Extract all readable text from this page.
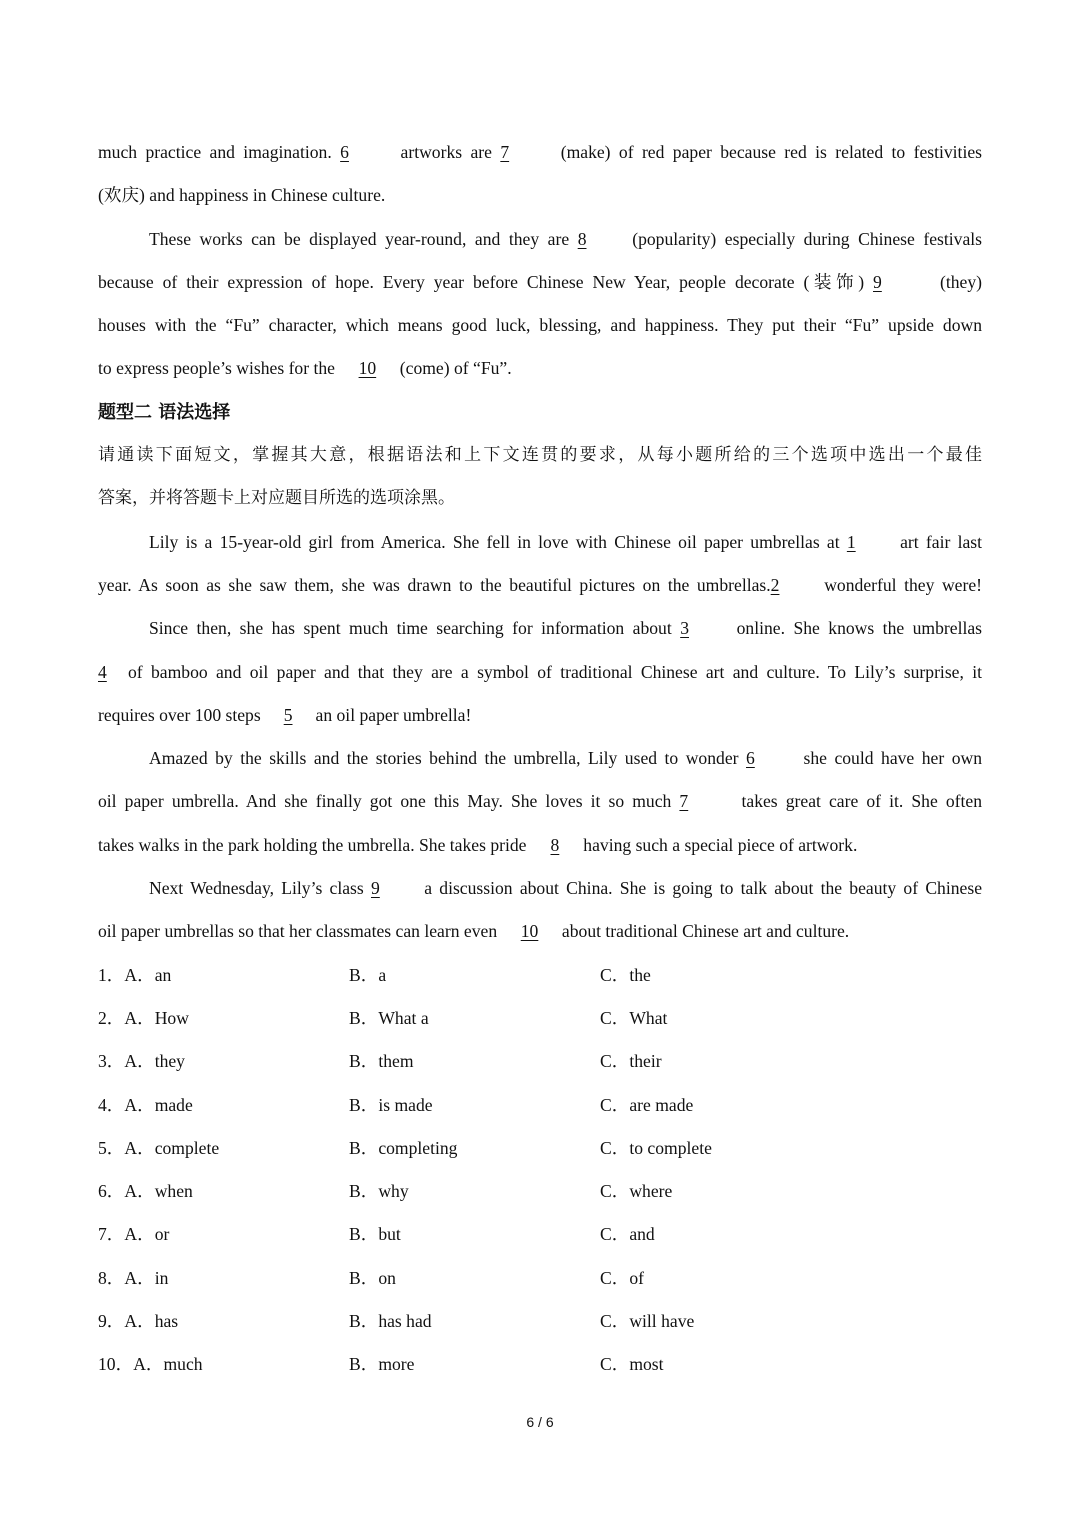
much practice and imagination. 6 artworks are 7 (make) of red paper because red is related to festivities
(欢庆) and happiness in Chinese culture.
These works can be displayed year-round, and they are 8 (popularity) especially during Chinese festivals
because of their expression of hope. Every year before Chinese New Year, people decorate (装饰) 9	(they)
houses with the “Fu” character, which means good luck, blessing, and happiness. They put their “Fu” upside down
to express people’s wishes for the 10 (come) of “Fu”.
题型二 语法选择
请通读下面短文，掌握其大意，根据语法和上下文连贯的要求，从每小题所给的三个选项中选出一个最佳
答案，并将答题卡上对应题目所选的选项涂黑。
Lily is a 15-year-old girl from America. She fell in love with Chinese oil paper umbrellas at 1 art fair last
year. As soon as she saw them, she was drawn to the beautiful pictures on the umbrellas.2 wonderful they were!
Since then, she has spent much time searching for information about 3 online. She knows the umbrellas
4 of bamboo and oil paper and that they are a symbol of traditional Chinese art and culture. To Lily’s surprise, it
requires over 100 steps 5 an oil paper umbrella!
Amazed by the skills and the stories behind the umbrella, Lily used to wonder 6 she could have her own
oil paper umbrella. And she finally got one this May. She loves it so much 7	takes great care of it. She often
takes walks in the park holding the umbrella. She takes pride 8 having such a special piece of artwork.
Next Wednesday, Lily’s class 9 a discussion about China. She is going to talk about the beauty of Chinese
oil paper umbrellas so that her classmates can learn even 10 about traditional Chinese art and culture.
1．A．an	B．a	C．the
2．A．How	B．What a	C．What
3．A．they	B．them	C．their
4．A．made	B．is made	C．are made
5．A．complete	B．completing	C．to complete
6．A．when	B．why	C．where
7．A．or	B．but	C．and
8．A．in	B．on	C．of
9．A．has	B．has had	C．will have
10．A．much	B．more	C．most
6 / 6
